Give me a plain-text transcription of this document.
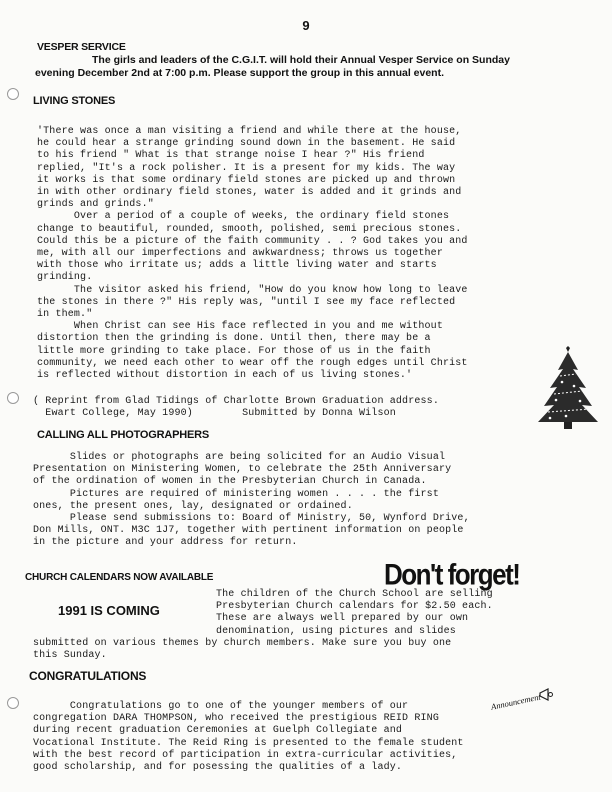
9
VESPER SERVICE
The girls and leaders of the C.G.I.T. will hold their Annual Vesper Service on Sunday
evening December 2nd at 7:00 p.m. Please support the group in this annual event.
LIVING STONES
'There was once a man visiting a friend and while there at the house,
he could hear a strange grinding sound down in the basement. He said
to his friend " What is that strange noise I hear ?" His friend
replied, "It's a rock polisher. It is a present for my kids. The way
it works is that some ordinary field stones are picked up and thrown
in with other ordinary field stones, water is added and it grinds and
grinds and grinds."
Over a period of a couple of weeks, the ordinary field stones
change to beautiful, rounded, smooth, polished, semi precious stones.
Could this be a picture of the faith community . . ? God takes you and
me, with all our imperfections and awkwardness; throws us together
with those who irritate us; adds a little living water and starts
grinding.
The visitor asked his friend, "How do you know how long to leave
the stones in there ?" His reply was, "until I see my face reflected
in them."
When Christ can see His face reflected in you and me without
distortion then the grinding is done. Until then, there may be a
little more grinding to take place. For those of us in the faith
community, we need each other to wear off the rough edges until Christ
is reflected without distortion in each of us living stones.'
( Reprint from Glad Tidings of Charlotte Brown Graduation address.
Ewart College, May 1990)        Submitted by Donna Wilson
CALLING ALL PHOTOGRAPHERS
Slides or photographs are being solicited for an Audio Visual
Presentation on Ministering Women, to celebrate the 25th Anniversary
of the ordination of women in the Presbyterian Church in Canada.
Pictures are required of ministering women . . . . the first
ones, the present ones, lay, designated or ordained.
Please send submissions to: Board of Ministry, 50, Wynford Drive,
Don Mills, ONT. M3C 1J7, together with pertinent information on people
in the picture and your address for return.
CHURCH CALENDARS NOW AVAILABLE	Don't forget!
1991 IS COMING
The children of the Church School are selling
Presbyterian Church calendars for $2.50 each.
These are always well prepared by our own
denomination, using pictures and slides
submitted on various themes by church members. Make sure you buy one
this Sunday.
CONGRATULATIONS
Announcement
Congratulations go to one of the younger members of our
congregation DARA THOMPSON, who received the prestigious REID RING
during recent graduation Ceremonies at Guelph Collegiate and
Vocational Institute. The Reid Ring is presented to the female student
with the best record of participation in extra-curricular activities,
good scholarship, and for posessing the qualities of a lady.
